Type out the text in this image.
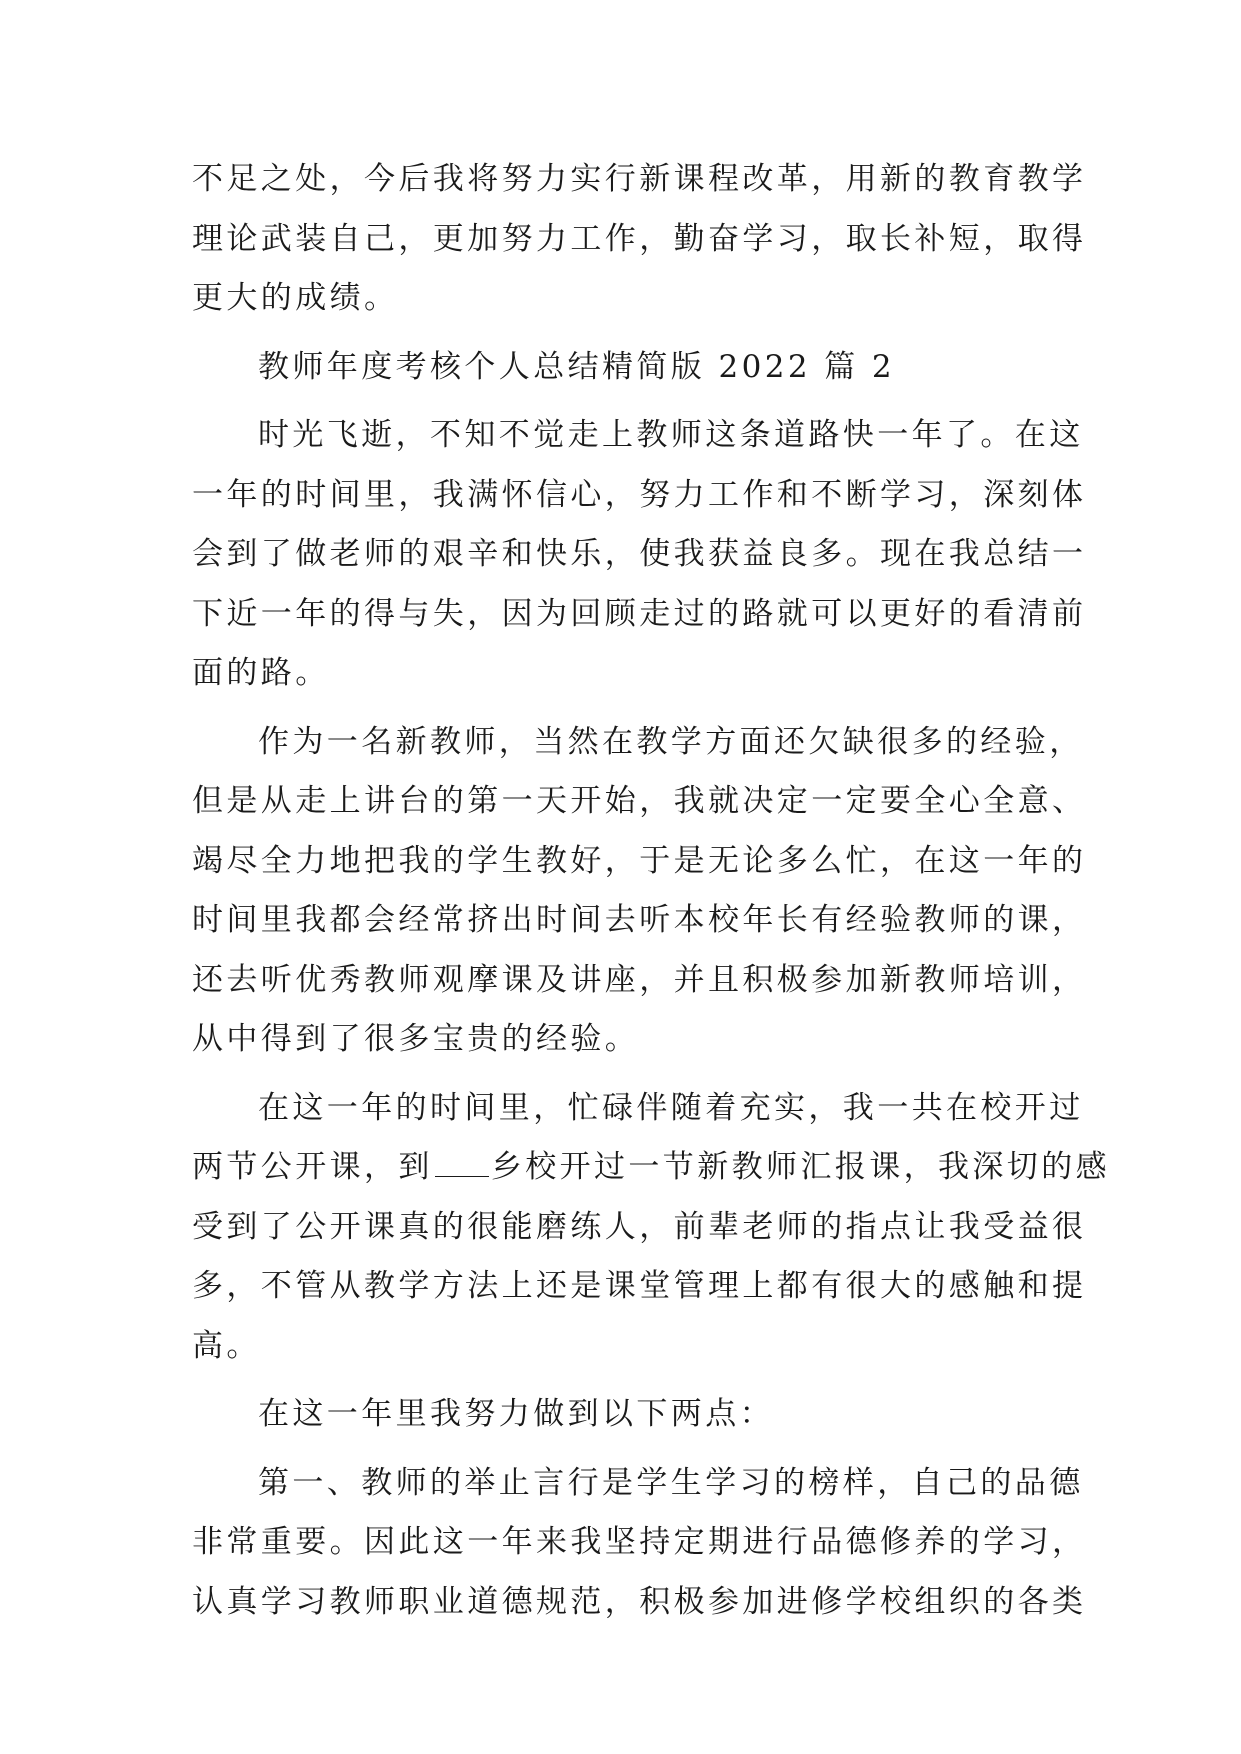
不足之处，今后我将努力实行新课程改革，用新的教育教学
理论武装自己，更加努力工作，勤奋学习，取长补短，取得
更大的成绩。
教师年度考核个人总结精简版 2022 篇 2
时光飞逝，不知不觉走上教师这条道路快一年了。在这
一年的时间里，我满怀信心，努力工作和不断学习，深刻体
会到了做老师的艰辛和快乐，使我获益良多。现在我总结一
下近一年的得与失，因为回顾走过的路就可以更好的看清前
面的路。
作为一名新教师，当然在教学方面还欠缺很多的经验，
但是从走上讲台的第一天开始，我就决定一定要全心全意、
竭尽全力地把我的学生教好，于是无论多么忙，在这一年的
时间里我都会经常挤出时间去听本校年长有经验教师的课，
还去听优秀教师观摩课及讲座，并且积极参加新教师培训，
从中得到了很多宝贵的经验。
在这一年的时间里，忙碌伴随着充实，我一共在校开过
两节公开课，到 乡校开过一节新教师汇报课，我深切的感
受到了公开课真的很能磨练人，前辈老师的指点让我受益很
多，不管从教学方法上还是课堂管理上都有很大的感触和提
高。
在这一年里我努力做到以下两点：
第一、教师的举止言行是学生学习的榜样，自己的品德
非常重要。因此这一年来我坚持定期进行品德修养的学习，
认真学习教师职业道德规范，积极参加进修学校组织的各类
